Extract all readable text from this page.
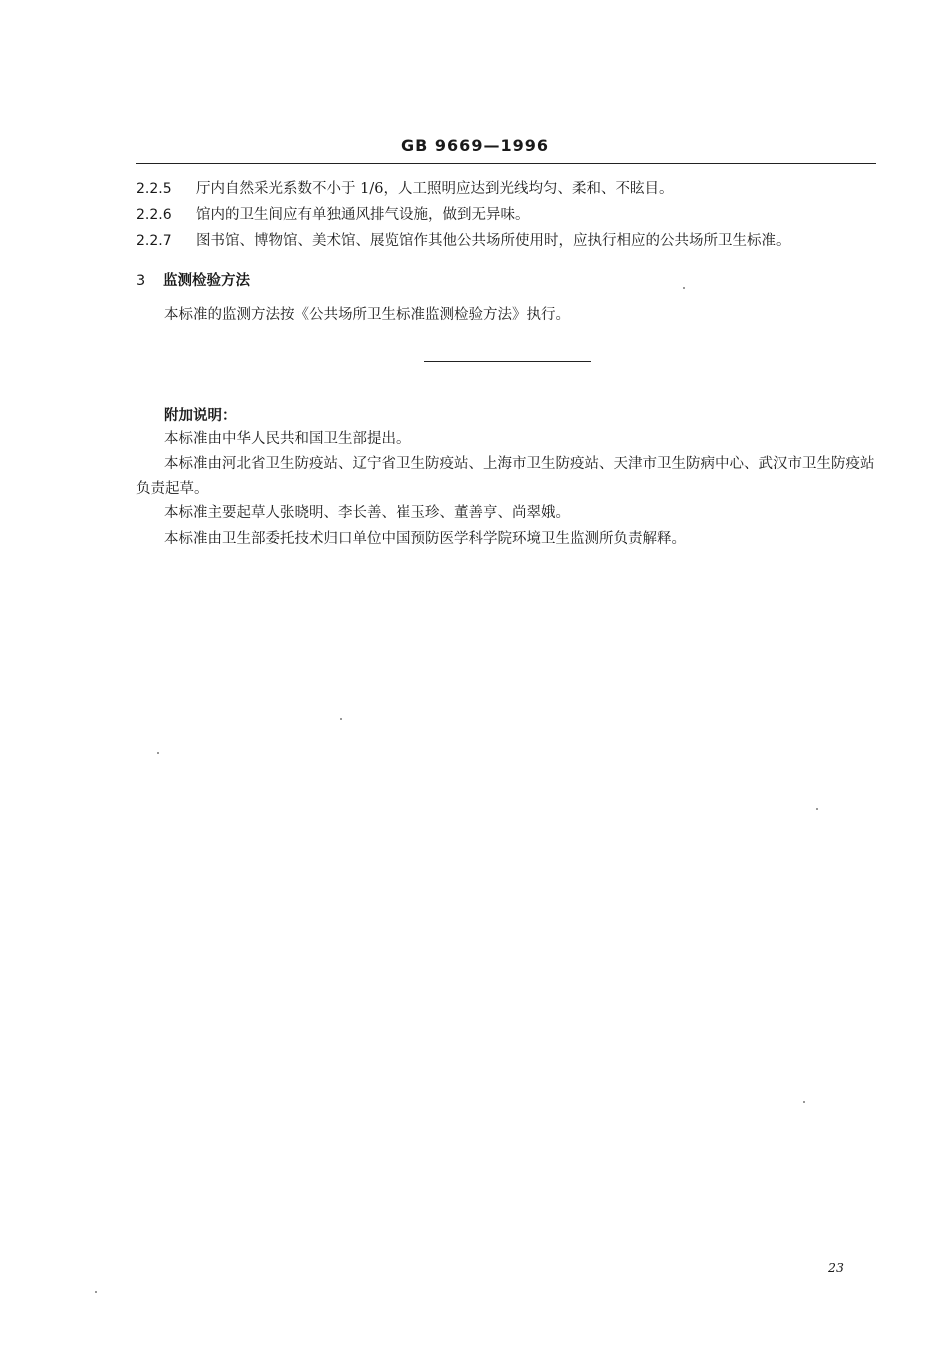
GB 9669—1996
2.2.5 厅内自然采光系数不小于 1/6，人工照明应达到光线均匀、柔和、不眩目。
2.2.6 馆内的卫生间应有单独通风排气设施，做到无异味。
2.2.7 图书馆、博物馆、美术馆、展览馆作其他公共场所使用时，应执行相应的公共场所卫生标准。
3 监测检验方法
本标准的监测方法按《公共场所卫生标准监测检验方法》执行。
附加说明：
本标准由中华人民共和国卫生部提出。
本标准由河北省卫生防疫站、辽宁省卫生防疫站、上海市卫生防疫站、天津市卫生防病中心、武汉市卫生防疫站负责起草。
本标准主要起草人张晓明、李长善、崔玉珍、董善亨、尚翠娥。
本标准由卫生部委托技术归口单位中国预防医学科学院环境卫生监测所负责解释。
23
